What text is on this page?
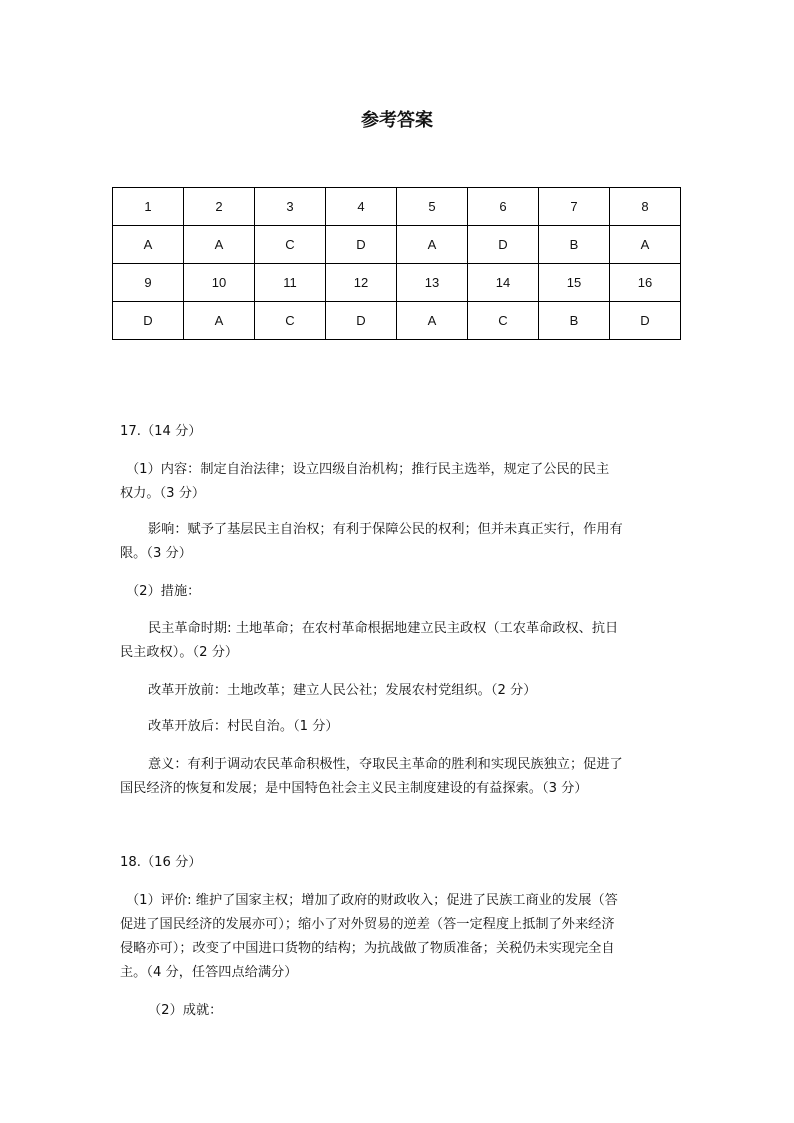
参考答案
1	2	3	4	5	6	7	8
A	A	C	D	A	D	B	A
9	10	11	12	13	14	15	16
D	A	C	D	A	C	B	D
17.（14 分）
（1）内容：制定自治法律；设立四级自治机构；推行民主选举，规定了公民的民主
权力。（3 分）
影响：赋予了基层民主自治权；有利于保障公民的权利；但并未真正实行，作用有
限。（3 分）
（2）措施：
民主革命时期: 土地革命；在农村革命根据地建立民主政权（工农革命政权、抗日
民主政权）。（2 分）
改革开放前：土地改革；建立人民公社；发展农村党组织。（2 分）
改革开放后：村民自治。（1 分）
意义：有利于调动农民革命积极性，夺取民主革命的胜利和实现民族独立；促进了
国民经济的恢复和发展；是中国特色社会主义民主制度建设的有益探索。（3 分）
18.（16 分）
（1）评价: 维护了国家主权；增加了政府的财政收入；促进了民族工商业的发展（答
促进了国民经济的发展亦可）；缩小了对外贸易的逆差（答一定程度上抵制了外来经济
侵略亦可）；改变了中国进口货物的结构；为抗战做了物质准备；关税仍未实现完全自
主。（4 分，任答四点给满分）
（2）成就：
